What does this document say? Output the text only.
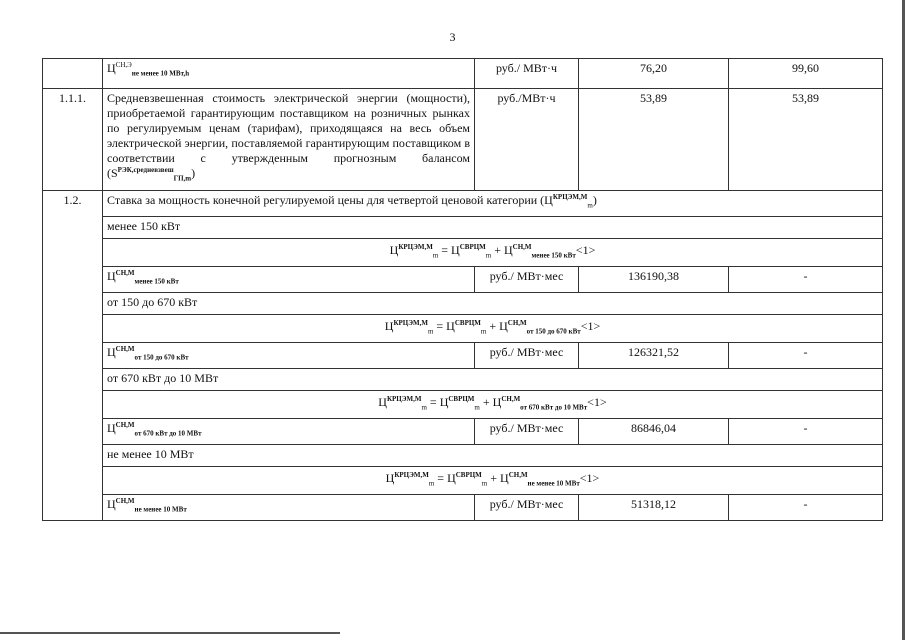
3
	$Ц^{СН,Э}_{не менее 10 МВт,h}$	руб./ МВт·ч	76,20	99,60
1.1.1.	Средневзвешенная стоимость электрической энергии (мощности), приобретаемой гарантирующим поставщиком на розничных рынках по регулируемым ценам (тарифам), приходящаяся на весь объем электрической энергии, поставляемой гарантирующим поставщиком в соответствии с утвержденным прогнозным балансом $(S^{РЭК,средневзвеш}_{ГП,m})$	руб./МВт·ч	53,89	53,89
1.2.	Ставка за мощность конечной регулируемой цены для четвертой ценовой категории $(Ц^{КРЦЭМ,М}_m)$			
	менее 150 кВт			
	$Ц^{КРЦЭМ,М}_m = Ц^{СВРЦМ}_m + Ц^{СН,М}_{менее 150 кВт}<1>$			
	$Ц^{СН,М}_{менее 150 кВт}$	руб./ МВт·мес	136190,38	-
	от 150 до 670 кВт			
	$Ц^{КРЦЭМ,М}_m = Ц^{СВРЦМ}_m + Ц^{СН,М}_{от 150 до 670 кВт}<1>$			
	$Ц^{СН,М}_{от 150 до 670 кВт}$	руб./ МВт·мес	126321,52	-
	от 670 кВт до 10 МВт			
	$Ц^{КРЦЭМ,М}_m = Ц^{СВРЦМ}_m + Ц^{СН,М}_{от 670 кВт до 10 МВт}<1>$			
	$Ц^{СН,М}_{от 670 кВт до 10 МВт}$	руб./ МВт·мес	86846,04	-
	не менее 10 МВт			
	$Ц^{КРЦЭМ,М}_m = Ц^{СВРЦМ}_m + Ц^{СН,М}_{не менее 10 МВт}<1>$			
	$Ц^{СН,М}_{не менее 10 МВт}$	руб./ МВт·мес	51318,12	-
